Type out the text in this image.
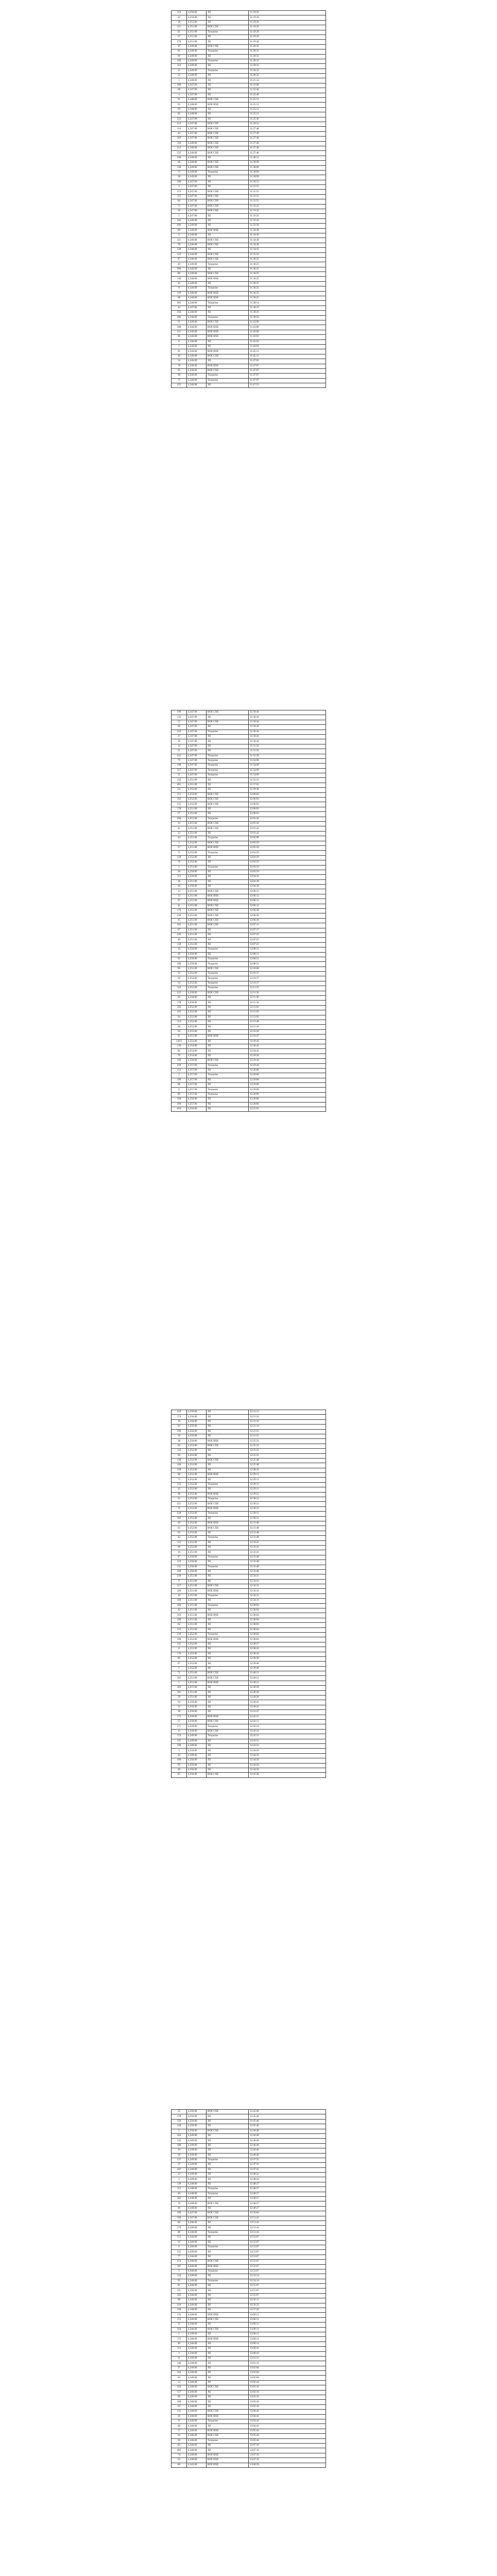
154	4,350.00	XE	11:19:26
42	4,350.00	XE	11:19:26
18	4,351.00	XE	11:19:26
111	4,351.00	BOE CXE	11:19:29
61	4,351.00	Turquoise	11:19:29
27	4,351.00	XE	11:19:29
270	4,351.00	XE	11:19:44
97	4,349.00	BOE CXE	11:20:32
81	4,349.00	Turquoise	11:20:32
60	4,349.00	XE	11:20:32
100	4,349.00	Turquoise	11:20:32
114	4,349.00	XE	11:20:32
11	4,349.00	Turquoise	11:20:32
52	4,349.00	XE	11:20:32
3	4,349.00	XE	11:21:14
280	4,347.00	XE	11:22:00
68	4,347.00	XE	11:22:46
4	4,347.00	XE	11:22:46
91	4,348.00	BOE CXE	11:25:12
65	4,348.00	BOE BXE	11:25:12
69	4,348.00	XE	11:25:12
85	4,348.00	XE	11:25:12
222	4,347.00	XE	11:25:40
222	4,347.00	BOE CXE	11:26:52
114	4,347.00	BOE CXE	11:27:48
42	4,347.00	BOE CXE	11:27:48
104	4,347.00	BOE CXE	11:27:48
118	4,346.00	BOE CXE	11:27:48
212	4,346.00	BOE CXE	11:27:48
233	4,346.00	BOE CXE	11:27:48
230	4,346.00	XE	11:28:12
68	4,346.00	BOE CXE	11:30:09
140	4,349.00	BOE CXE	11:30:09
73	4,349.00	Turquoise	11:30:09
38	4,349.00	XE	11:30:09
180	4,347.00	XE	11:30:53
2	4,347.00	XE	11:31:55
213	4,347.00	BOE CXE	11:31:55
115	4,347.00	BOE CXE	11:31:55
84	4,347.00	BOE CXE	11:31:55
75	4,347.00	BOE CXE	11:33:22
59	4,347.00	BOE CXE	11:33:22
1	4,347.00	XE	11:33:22
244	4,346.00	XE	11:33:43
206	4,346.00	XE	11:33:50
80	4,346.00	BOE BXE	11:34:38
6	4,346.00	XE	11:34:38
211	4,346.00	BOE CXE	11:34:38
78	4,346.00	BOE CXE	11:34:38
130	4,346.00	XE	11:34:43
122	4,346.00	BOE CXE	11:35:16
87	4,346.00	BOE CXE	11:36:25
40	4,346.00	Turquoise	11:36:25
280	4,346.00	XE	11:36:25
80	4,346.00	BOE CXE	11:36:25
140	4,346.00	BOE BXE	11:36:25
42	4,346.00	XE	11:36:25
9	4,346.00	Turquoise	11:36:25
129	4,346.00	BOE BXE	11:36:25
68	4,346.00	BOE BXE	11:36:25
205	4,346.00	Turquoise	11:38:14
22	4,347.00	XE	11:38:19
256	4,346.00	XE	11:39:25
206	4,346.00	Turquoise	11:39:59
21	4,346.00	BOE CXE	11:43:00
188	4,346.00	BOE BXE	11:43:00
211	4,346.00	BOE BXE	11:43:00
69	4,346.00	BOE BXE	11:43:03
8	4,346.00	XE	11:43:03
1	4,346.00	XE	11:44:04
61	4,346.00	BOE BXE	11:45:11
40	4,346.00	BOE CXE	11:45:11
54	4,346.00	XE	11:47:02
70	4,346.00	BOE BXE	11:47:07
95	4,346.00	BOE CXE	11:47:07
98	4,346.00	Turquoise	11:47:07
72	4,346.00	Turquoise	11:47:07
225	4,346.00	XE	11:47:53
199	4,347.00	BOE CXE	11:50:44
132	4,347.00	XE	11:50:44
53	4,347.00	BOE CXE	11:50:44
96	4,347.00	XE	11:50:44
250	4,347.00	Turquoise	11:50:44
27	4,347.00	XE	11:50:44
36	4,347.00	XE	11:50:44
14	4,347.00	XE	11:51:56
21	4,347.00	XE	11:51:56
432	4,347.00	Turquoise	11:52:30
79	4,347.00	Turquoise	11:54:06
198	4,347.00	Turquoise	11:54:09
217	4,347.00	Turquoise	11:54:09
21	4,347.00	Turquoise	11:54:09
150	4,351.00	XE	11:55:21
401	4,351.00	XE	11:57:01
111	4,352.00	XE	11:59:46
151	4,352.00	BOE CXE	12:00:03
162	4,352.00	BOE CXE	12:00:03
155	4,352.00	BOE CXE	12:00:03
178	4,351.00	XE	12:00:03
57	4,351.00	XE	12:00:03
200	4,351.00	Turquoise	12:01:42
33	4,351.00	BOE CXE	12:01:42
41	4,351.00	BOE CXE	12:01:42
12	4,351.00	XE	12:01:42
44	4,351.00	Turquoise	12:02:09
3	4,352.00	BOE CXE	12:02:59
37	4,351.00	BOE BXE	12:02:59
75	4,352.00	Turquoise	12:03:59
150	4,352.00	XE	12:03:59
59	4,352.00	XE	12:03:59
1	4,351.00	Turquoise	12:03:59
20	4,350.00	XE	12:03:59
114	4,350.00	XE	12:04:34
38	4,351.00	XE	12:04:38
40	4,350.00	XE	12:04:38
14	4,351.00	BOE CXE	12:06:12
15	4,351.00	BOE BXE	12:06:12
97	4,351.00	BOE BXE	12:06:12
41	4,351.00	BOE CXE	12:06:12
179	4,351.00	BOE CXE	12:06:38
230	4,351.00	BOE CXE	12:06:38
45	4,351.00	BOE CXE	12:06:38
102	4,351.00	BOE CXE	12:07:11
67	4,351.00	XE	12:07:17
249	4,351.00	XE	12:07:23
49	4,351.00	XE	12:07:23
118	4,351.00	XE	12:07:23
16	4,350.00	Turquoise	12:08:11
49	4,350.00	XE	12:08:11
62	4,350.00	Turquoise	12:08:51
100	4,350.00	Turquoise	12:08:51
96	4,352.00	BOE CXE	12:10:08
33	4,352.00	Turquoise	12:10:37
30	4,352.00	Turquoise	12:10:37
54	4,352.00	Turquoise	12:10:37
110	4,352.00	Turquoise	12:11:35
225	4,350.00	BOE CXE	12:11:36
63	4,350.00	XE	12:11:36
178	4,350.00	XE	12:11:36
102	4,352.00	XE	12:13:03
165	4,352.00	XE	12:13:03
94	4,352.00	XE	12:13:03
114	4,352.00	XE	12:13:40
66	4,353.00	XE	12:15:16
94	4,353.00	XE	12:16:20
41	4,353.00	BOE BXE	12:16:47
1,815	4,353.00	XE	12:18:43
130	4,354.00	XE	12:18:43
85	4,354.00	XE	12:18:43
70	4,354.00	XE	12:18:20
100	4,356.00	BOE CXE	12:19:44
259	4,357.00	Turquoise	12:19:44
154	4,357.00	XE	12:20:06
3	4,357.00	Turquoise	12:20:06
196	4,357.00	XE	12:20:06
68	4,357.00	XE	12:20:06
8	4,357.00	Turquoise	12:20:06
80	4,357.00	Turquoise	12:20:06
160	4,356.00	XE	12:20:06
100	4,357.00	XE	12:20:06
444	4,356.00	XE	12:21:03
218	4,356.00	XE	12:21:13
174	4,356.00	XE	12:21:34
16	4,356.00	XE	12:21:34
94	4,356.00	XE	12:21:34
196	4,356.00	XE	12:21:55
10	4,356.00	XE	12:21:55
38	4,356.00	BOE BXE	12:25:31
84	4,353.00	BOE CXE	12:25:31
116	4,352.00	XE	12:25:31
69	4,353.00	XE	12:25:31
138	4,352.00	BOE CXE	12:25:48
160	4,352.00	XE	12:25:48
199	4,352.00	XE	12:28:29
88	4,352.00	BOE BXE	12:29:11
73	4,352.00	XE	12:29:11
152	4,352.00	Turquoise	12:29:11
42	4,352.00	XE	12:29:11
98	4,352.00	BOE BXE	12:29:52
21	4,352.00	Turquoise	12:30:12
211	4,352.00	BOE CXE	12:30:12
76	4,352.00	BOE BXE	12:30:12
220	4,352.00	Turquoise	12:30:12
102	4,352.00	XE	12:30:12
49	4,352.00	BOE BXE	12:31:48
62	4,352.00	BOE CXE	12:31:48
62	4,352.00	XE	12:31:48
42	4,352.00	Turquoise	12:31:48
113	4,352.00	XE	12:33:41
60	4,352.00	XE	12:33:41
16	4,351.00	XE	12:33:41
47	4,350.00	Turquoise	12:33:48
124	4,350.00	XE	12:33:48
131	4,350.00	Turquoise	12:33:48
160	4,350.00	XE	12:33:48
230	4,351.00	XE	12:34:31
9	4,351.00	XE	12:34:31
217	4,351.00	BOE CXE	12:34:31
226	4,351.00	BOE BXE	12:34:31
10	4,351.00	Turquoise	12:34:31
169	4,351.00	XE	12:34:31
169	4,351.00	Turquoise	12:38:04
42	4,351.00	XE	12:38:04
163	4,351.00	BOE BXE	12:38:04
198	4,351.00	XE	12:38:04
62	4,351.00	XE	12:38:04
123	4,351.00	XE	12:38:04
130	4,352.00	Turquoise	12:38:04
100	4,352.00	BOE BXE	12:38:04
125	4,352.00	XE	12:38:27
8	4,353.00	XE	12:38:43
176	4,353.00	XE	12:38:43
80	4,352.00	XE	12:39:30
97	4,352.00	XE	12:39:46
5	4,352.00	XE	12:39:46
71	4,351.00	BOE CXE	12:40:11
183	4,351.00	BOE CXE	12:40:11
5	4,351.00	BOE BXE	12:40:11
183	4,351.00	XE	12:40:28
181	4,351.00	XE	12:40:28
50	4,351.00	XE	12:40:28
64	4,350.00	XE	12:40:41
12	4,350.00	XE	12:40:41
38	4,350.00	XE	12:41:47
173	4,350.00	BOE BXE	12:42:11
57	4,350.00	BOE CXE	12:42:11
171	4,349.00	Turquoise	12:42:24
13	4,349.00	BOE CXE	12:42:24
174	4,349.00	Turquoise	12:42:31
125	4,349.00	XE	12:43:52
198	4,349.00	XE	12:43:52
3	4,350.00	XE	12:44:56
94	4,349.00	XE	12:44:56
100	4,350.00	XE	12:44:56
92	4,350.00	XE	12:44:56
49	4,350.00	XE	12:44:56
85	4,350.00	BOE CXE	12:45:46
25	4,350.00	BOE CXE	12:45:46
178	4,350.00	XE	12:45:46
150	4,350.00	XE	12:45:46
128	4,350.00	XE	12:45:46
1	4,350.00	BOE CXE	12:46:46
103	4,349.00	XE	12:46:46
132	4,349.00	XE	12:46:46
108	4,349.00	XE	12:46:46
10	4,349.00	XE	12:46:46
58	4,349.00	XE	12:46:46
137	4,349.00	Turquoise	12:47:35
27	4,349.00	XE	12:47:35
107	4,349.00	XE	12:47:35
23	4,349.00	XE	12:48:22
3	4,349.00	XE	12:48:22
130	4,348.00	XE	12:48:27
113	4,348.00	Turquoise	12:48:27
46	4,348.00	Turquoise	12:48:27
183	4,348.00	XE	12:48:27
70	4,348.00	BOE CXE	12:48:27
40	4,348.00	XE	12:48:27
100	4,347.00	BOE CXE	12:50:04
100	4,347.00	BOE CXE	12:51:43
86	4,346.00	XE	12:51:43
179	4,346.00	XE	12:51:43
80	4,346.00	Turquoise	12:51:43
152	4,346.00	XE	12:53:07
54	4,346.00	XE	12:53:07
6	4,346.00	Turquoise	12:53:07
122	4,346.00	XE	12:53:07
77	4,346.00	XE	12:53:07
154	4,346.00	BOE CXE	12:53:07
187	4,346.00	BOE BXE	12:53:07
5	4,346.00	Turquoise	12:53:07
110	4,346.00	XE	12:54:14
95	4,346.00	Turquoise	12:54:14
81	4,346.00	XE	12:55:07
111	4,346.00	XE	12:55:07
102	4,346.00	XE	12:55:07
90	4,346.00	XE	12:56:11
210	4,346.00	XE	12:56:33
100	4,346.00	XE	12:57:20
131	4,346.00	BOE BXE	13:00:11
152	4,346.00	BOE CXE	13:00:11
15	4,346.00	XE	13:00:11
164	4,346.00	BOE CXE	13:00:11
1	4,346.00	XE	13:00:11
172	4,346.00	BOE BXE	13:00:14
40	4,346.00	XE	13:00:14
114	4,346.00	XE	13:00:43
3	4,346.00	XE	13:00:43
31	4,346.00	XE	13:01:31
146	4,346.00	XE	13:01:31
37	4,346.00	XE	13:02:04
164	4,346.00	XE	13:02:04
64	4,346.00	XE	13:02:04
14	4,346.00	XE	13:02:44
102	4,346.00	BOE CXE	13:03:16
157	4,346.00	XE	13:03:16
86	4,346.00	XE	13:03:16
100	4,346.00	XE	13:03:16
111	4,346.00	XE	13:03:16
131	4,346.00	BOE CXE	13:04:42
56	4,346.00	BOE BXE	13:04:42
11	4,346.00	Turquoise	13:04:42
60	4,346.00	XE	13:04:42
17	4,346.00	BOE BXE	13:05:44
64	4,346.00	BOE CXE	13:05:44
30	4,346.00	Turquoise	13:05:44
83	4,346.00	XE	13:07:16
402	4,346.00	XE	13:07:16
74	4,346.00	BOE BXE	13:07:16
63	4,346.00	BOE BXE	13:07:16
80	4,345.00	BOE BXE	13:08:59
